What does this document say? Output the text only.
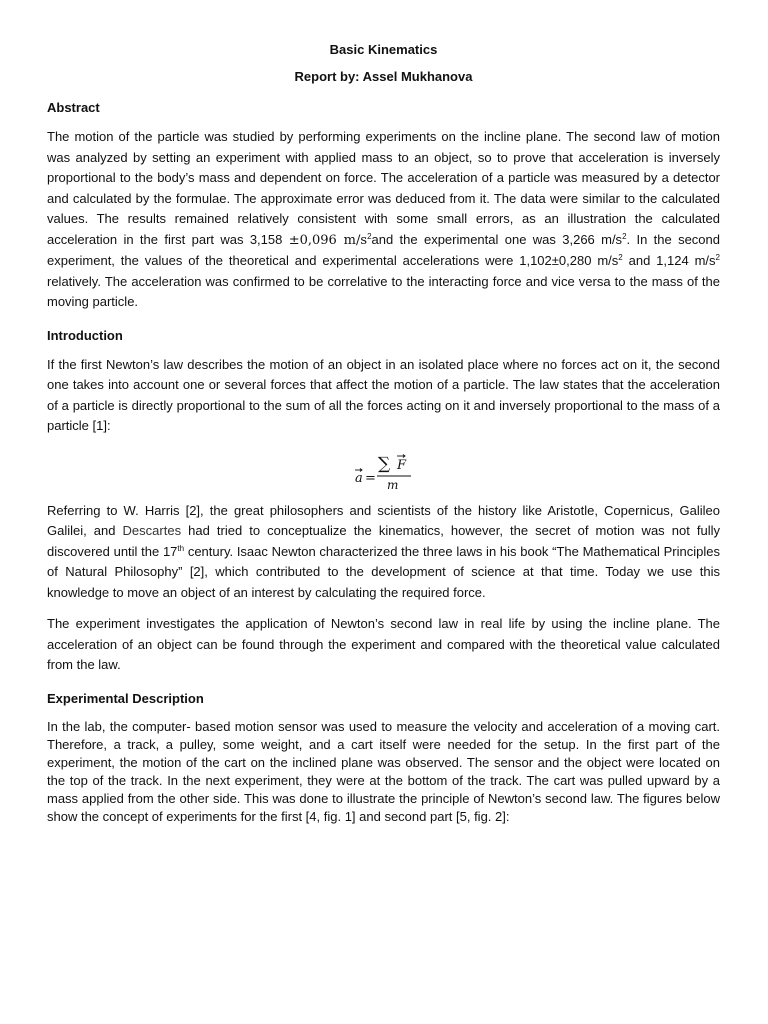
Basic Kinematics
Report by: Assel Mukhanova
Abstract

The motion of the particle was studied by performing experiments on the incline plane. The second law of motion was analyzed by setting an experiment with applied mass to an object, so to prove that acceleration is inversely proportional to the body’s mass and dependent on force. The acceleration of a particle was measured by a detector and calculated by the formulae. The approximate error was deduced from it. The data were similar to the calculated values. The results remained relatively consistent with some small errors, as an illustration the calculated acceleration in the first part was 3,158 ±0,096 $m/s^2and$ the experimental one was 3,266 $m/s^2$. In the second experiment, the values of the theoretical and experimental accelerations were 1,102±0,280 $m/s^2$ and 1,124 $m/s^2$ relatively. The acceleration was confirmed to be correlative to the interacting force and vice versa to the mass of the moving particle.

Introduction

If the first Newton’s law describes the motion of an object in an isolated place where no forces act on it, the second one takes into account one or several forces that affect the motion of a particle. The law states that the acceleration of a particle is directly proportional to the sum of all the forces acting on it and inversely proportional to the mass of a particle [1]:

a =
∑ F
m

Referring to W. Harris [2], the great philosophers and scientists of the history like Aristotle, Copernicus, Galileo Galilei, and Descartes had tried to conceptualize the kinematics, however, the secret of motion was not fully discovered until the 17th century. Isaac Newton characterized the three laws in his book “The Mathematical Principles of Natural Philosophy” [2], which contributed to the development of science at that time. Today we use this knowledge to move an object of an interest by calculating the required force.

The experiment investigates the application of Newton’s second law in real life by using the incline plane. The acceleration of an object can be found through the experiment and compared with the theoretical value calculated from the law.

Experimental Description

In the lab, the computer- based motion sensor was used to measure the velocity and acceleration of a moving cart. Therefore, a track, a pulley, some weight, and a cart itself were needed for the setup. In the first part of the experiment, the motion of the cart on the inclined plane was observed. The sensor and the object were located on the top of the track. In the next experiment, they were at the bottom of the track. The cart was pulled upward by a mass applied from the other side. This was done to illustrate the principle of Newton’s second law. The figures below show the concept of experiments for the first [4, fig. 1] and second part [5, fig. 2]:
